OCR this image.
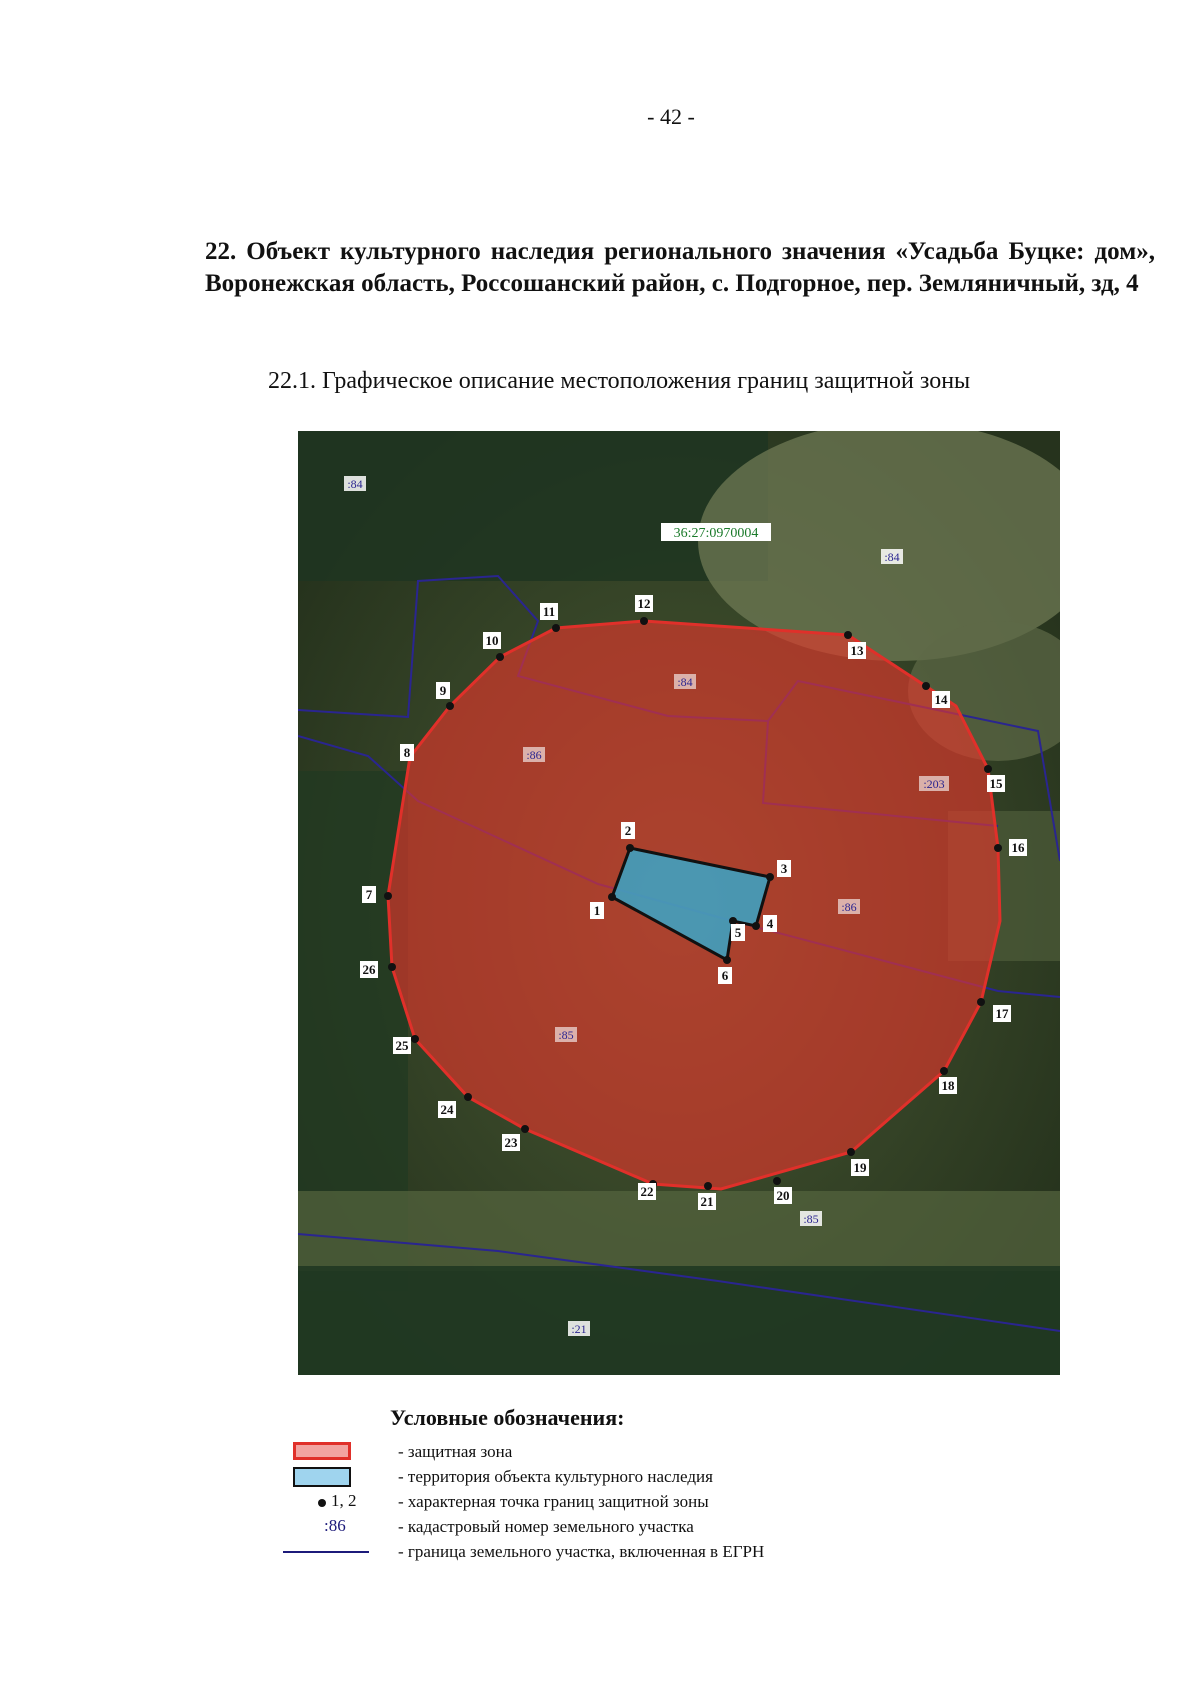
- 42 -
22. Объект культурного наследия регионального значения «Усадьба Буцке: дом», Воронежская область, Россошанский район, с. Подгорное, пер. Земляничный, зд, 4
22.1. Графическое описание местоположения границ защитной зоны
36:27:0970004
:84
:84
:84
:86
:203
:86
:85
:85
:21
7
8
9
10
11
12
13
14
15
16
17
18
19
20
21
22
23
24
25
26
1
2
3
4
5
6
Условные обозначения:
- защитная зона
- территория объекта культурного наследия
1, 2 - характерная точка границ защитной зоны
:86	- кадастровый номер земельного участка
- граница земельного участка, включенная в ЕГРН
